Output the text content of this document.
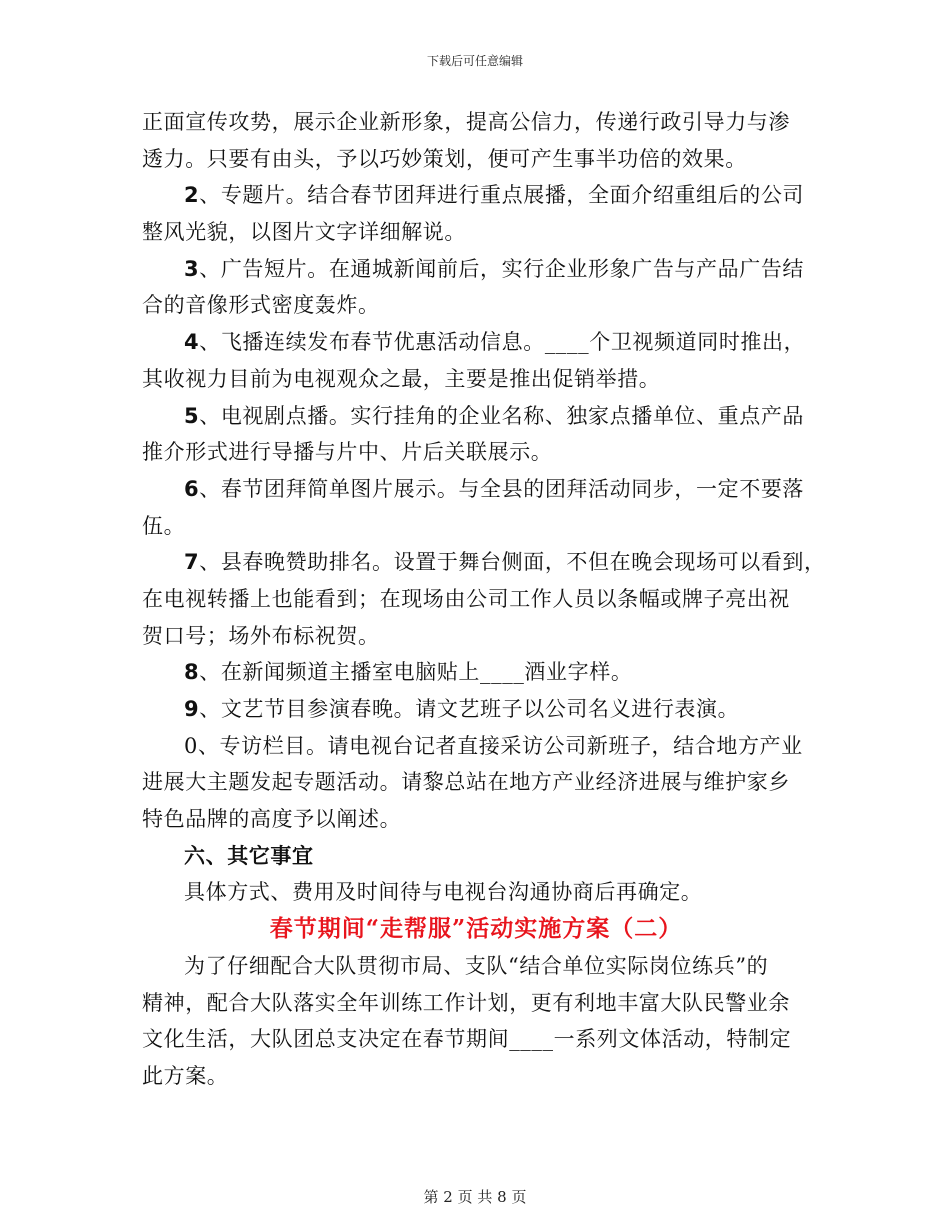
下载后可任意编辑
正面宣传攻势，展示企业新形象，提高公信力，传递行政引导力与渗
透力。只要有由头，予以巧妙策划，便可产生事半功倍的效果。
2、专题片。结合春节团拜进行重点展播，全面介绍重组后的公司
整风光貌，以图片文字详细解说。
3、广告短片。在通城新闻前后，实行企业形象广告与产品广告结
合的音像形式密度轰炸。
4、飞播连续发布春节优惠活动信息。____个卫视频道同时推出，
其收视力目前为电视观众之最，主要是推出促销举措。
5、电视剧点播。实行挂角的企业名称、独家点播单位、重点产品
推介形式进行导播与片中、片后关联展示。
6、春节团拜简单图片展示。与全县的团拜活动同步，一定不要落
伍。
7、县春晚赞助排名。设置于舞台侧面，不但在晚会现场可以看到，
在电视转播上也能看到；在现场由公司工作人员以条幅或牌子亮出祝
贺口号；场外布标祝贺。
8、在新闻频道主播室电脑贴上____酒业字样。
9、文艺节目参演春晚。请文艺班子以公司名义进行表演。
0、专访栏目。请电视台记者直接采访公司新班子，结合地方产业
进展大主题发起专题活动。请黎总站在地方产业经济进展与维护家乡
特色品牌的高度予以阐述。
六、其它事宜
具体方式、费用及时间待与电视台沟通协商后再确定。
春节期间“走帮服”活动实施方案（二）
为了仔细配合大队贯彻市局、支队“结合单位实际岗位练兵”的
精神，配合大队落实全年训练工作计划，更有利地丰富大队民警业余
文化生活，大队团总支决定在春节期间____一系列文体活动，特制定
此方案。
第 2 页 共 8 页
